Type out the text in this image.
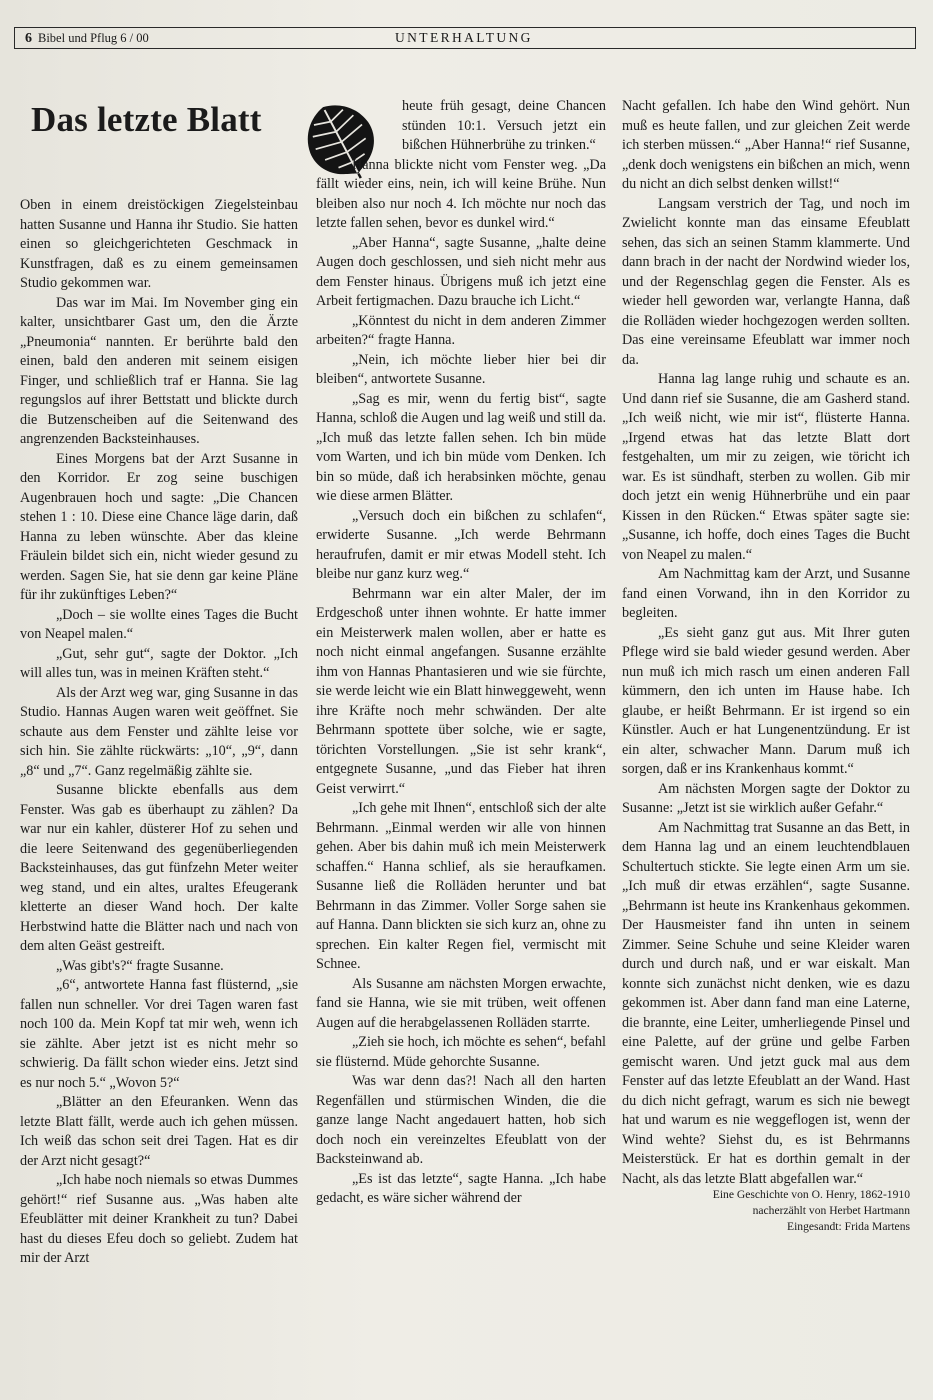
6 Bibel und Pflug 6 / 00	UNTERHALTUNG
Das letzte Blatt

Oben in einem dreistöckigen Ziegelsteinbau hatten Susanne und Hanna ihr Studio. Sie hatten einen so gleichgerichteten Geschmack in Kunstfragen, daß es zu einem gemeinsamen Studio gekommen war.

Das war im Mai. Im November ging ein kalter, unsichtbarer Gast um, den die Ärzte „Pneumonia“ nannten. Er berührte bald den einen, bald den anderen mit seinem eisigen Finger, und schließlich traf er Hanna. Sie lag regungslos auf ihrer Bettstatt und blickte durch die Butzenscheiben auf die Seitenwand des angrenzenden Backsteinhauses.

Eines Morgens bat der Arzt Susanne in den Korridor. Er zog seine buschigen Augenbrauen hoch und sagte: „Die Chancen stehen 1 : 10. Diese eine Chance läge darin, daß Hanna zu leben wünschte. Aber das kleine Fräulein bildet sich ein, nicht wieder gesund zu werden. Sagen Sie, hat sie denn gar keine Pläne für ihr zukünftiges Leben?“

„Doch – sie wollte eines Tages die Bucht von Neapel malen.“

„Gut, sehr gut“, sagte der Doktor. „Ich will alles tun, was in meinen Kräften steht.“

Als der Arzt weg war, ging Susanne in das Studio. Hannas Augen waren weit geöffnet. Sie schaute aus dem Fenster und zählte leise vor sich hin. Sie zählte rückwärts: „10“, „9“, dann „8“ und „7“. Ganz regelmäßig zählte sie.

Susanne blickte ebenfalls aus dem Fenster. Was gab es überhaupt zu zählen? Da war nur ein kahler, düsterer Hof zu sehen und die leere Seitenwand des gegenüberliegenden Backsteinhauses, das gut fünfzehn Meter weiter weg stand, und ein altes, uraltes Efeugerank kletterte an dieser Wand hoch. Der kalte Herbstwind hatte die Blätter nach und nach von dem alten Geäst gestreift.

„Was gibt's?“ fragte Susanne.

„6“, antwortete Hanna fast flüsternd, „sie fallen nun schneller. Vor drei Tagen waren fast noch 100 da. Mein Kopf tat mir weh, wenn ich sie zählte. Aber jetzt ist es nicht mehr so schwierig. Da fällt schon wieder eins. Jetzt sind es nur noch 5.“ „Wovon 5?“

„Blätter an den Efeuranken. Wenn das letzte Blatt fällt, werde auch ich gehen müssen. Ich weiß das schon seit drei Tagen. Hat es dir der Arzt nicht gesagt?“

„Ich habe noch niemals so etwas Dummes gehört!“ rief Susanne aus. „Was haben alte Efeublätter mit deiner Krankheit zu tun? Dabei hast du dieses Efeu doch so geliebt. Zudem hat mir der Arzt

heute früh gesagt, deine Chancen stünden 10:1. Versuch jetzt ein bißchen Hühnerbrühe zu trinken.“

Hanna blickte nicht vom Fenster weg. „Da fällt wieder eins, nein, ich will keine Brühe. Nun bleiben also nur noch 4. Ich möchte nur noch das letzte fallen sehen, bevor es dunkel wird.“

„Aber Hanna“, sagte Susanne, „halte deine Augen doch geschlossen, und sieh nicht mehr aus dem Fenster hinaus. Übrigens muß ich jetzt eine Arbeit fertigmachen. Dazu brauche ich Licht.“

„Könntest du nicht in dem anderen Zimmer arbeiten?“ fragte Hanna.

„Nein, ich möchte lieber hier bei dir bleiben“, antwortete Susanne.

„Sag es mir, wenn du fertig bist“, sagte Hanna, schloß die Augen und lag weiß und still da. „Ich muß das letzte fallen sehen. Ich bin müde vom Warten, und ich bin müde vom Denken. Ich bin so müde, daß ich herabsinken möchte, genau wie diese armen Blätter.

„Versuch doch ein bißchen zu schlafen“, erwiderte Susanne. „Ich werde Behrmann heraufrufen, damit er mir etwas Modell steht. Ich bleibe nur ganz kurz weg.“

Behrmann war ein alter Maler, der im Erdgeschoß unter ihnen wohnte. Er hatte immer ein Meisterwerk malen wollen, aber er hatte es noch nicht einmal angefangen. Susanne erzählte ihm von Hannas Phantasieren und wie sie fürchte, sie werde leicht wie ein Blatt hinweggeweht, wenn ihre Kräfte noch mehr schwänden. Der alte Behrmann spottete über solche, wie er sagte, törichten Vorstellungen. „Sie ist sehr krank“, entgegnete Susanne, „und das Fieber hat ihren Geist verwirrt.“

„Ich gehe mit Ihnen“, entschloß sich der alte Behrmann. „Einmal werden wir alle von hinnen gehen. Aber bis dahin muß ich mein Meisterwerk schaffen.“ Hanna schlief, als sie heraufkamen. Susanne ließ die Rolläden herunter und bat Behrmann in das Zimmer. Voller Sorge sahen sie auf Hanna. Dann blickten sie sich kurz an, ohne zu sprechen. Ein kalter Regen fiel, vermischt mit Schnee.

Als Susanne am nächsten Morgen erwachte, fand sie Hanna, wie sie mit trüben, weit offenen Augen auf die herabgelassenen Rolläden starrte.

„Zieh sie hoch, ich möchte es sehen“, befahl sie flüsternd. Müde gehorchte Susanne.

Was war denn das?! Nach all den harten Regenfällen und stürmischen Winden, die die ganze lange Nacht angedauert hatten, hob sich doch noch ein vereinzeltes Efeublatt von der Backsteinwand ab.

„Es ist das letzte“, sagte Hanna. „Ich habe gedacht, es wäre sicher während der

Nacht gefallen. Ich habe den Wind gehört. Nun muß es heute fallen, und zur gleichen Zeit werde ich sterben müssen.“ „Aber Hanna!“ rief Susanne, „denk doch wenigstens ein bißchen an mich, wenn du nicht an dich selbst denken willst!“

Langsam verstrich der Tag, und noch im Zwielicht konnte man das einsame Efeublatt sehen, das sich an seinen Stamm klammerte. Und dann brach in der nacht der Nordwind wieder los, und der Regenschlag gegen die Fenster. Als es wieder hell geworden war, verlangte Hanna, daß die Rolläden wieder hochgezogen werden sollten. Das eine vereinsame Efeublatt war immer noch da.

Hanna lag lange ruhig und schaute es an. Und dann rief sie Susanne, die am Gasherd stand. „Ich weiß nicht, wie mir ist“, flüsterte Hanna. „Irgend etwas hat das letzte Blatt dort festgehalten, um mir zu zeigen, wie töricht ich war. Es ist sündhaft, sterben zu wollen. Gib mir doch jetzt ein wenig Hühnerbrühe und ein paar Kissen in den Rücken.“ Etwas später sagte sie: „Susanne, ich hoffe, doch eines Tages die Bucht von Neapel zu malen.“

Am Nachmittag kam der Arzt, und Susanne fand einen Vorwand, ihn in den Korridor zu begleiten.

„Es sieht ganz gut aus. Mit Ihrer guten Pflege wird sie bald wieder gesund werden. Aber nun muß ich mich rasch um einen anderen Fall kümmern, den ich unten im Hause habe. Ich glaube, er heißt Behrmann. Er ist irgend so ein Künstler. Auch er hat Lungenentzündung. Er ist ein alter, schwacher Mann. Darum muß ich sorgen, daß er ins Krankenhaus kommt.“

Am nächsten Morgen sagte der Doktor zu Susanne: „Jetzt ist sie wirklich außer Gefahr.“

Am Nachmittag trat Susanne an das Bett, in dem Hanna lag und an einem leuchtendblauen Schultertuch stickte. Sie legte einen Arm um sie. „Ich muß dir etwas erzählen“, sagte Susanne. „Behrmann ist heute ins Krankenhaus gekommen. Der Hausmeister fand ihn unten in seinem Zimmer. Seine Schuhe und seine Kleider waren durch und durch naß, und er war eiskalt. Man konnte sich zunächst nicht denken, wie es dazu gekommen ist. Aber dann fand man eine Laterne, die brannte, eine Leiter, umherliegende Pinsel und eine Palette, auf der grüne und gelbe Farben gemischt waren. Und jetzt guck mal aus dem Fenster auf das letzte Efeublatt an der Wand. Hast du dich nicht gefragt, warum es sich nie bewegt hat und warum es nie weggeflogen ist, wenn der Wind wehte? Siehst du, es ist Behrmanns Meisterstück. Er hat es dorthin gemalt in der Nacht, als das letzte Blatt abgefallen war.“

Eine Geschichte von O. Henry, 1862-1910
nacherzählt von Herbet Hartmann
Eingesandt: Frida Martens
